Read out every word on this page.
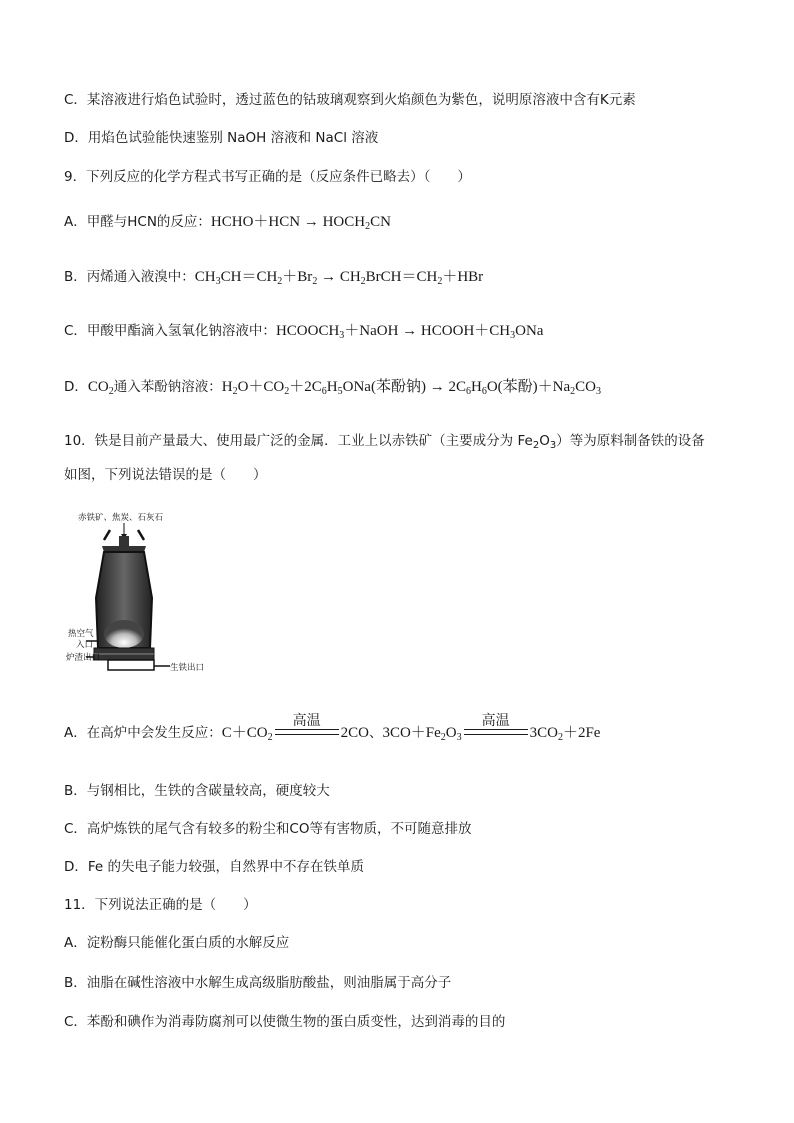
C．某溶液进行焰色试验时，透过蓝色的钴玻璃观察到火焰颜色为紫色，说明原溶液中含有K元素
D．用焰色试验能快速鉴别 NaOH 溶液和 NaCl 溶液
9．下列反应的化学方程式书写正确的是（反应条件已略去）（　　）
A．甲醛与HCN的反应：HCHO＋HCN → $HOCH_2CN$
B．丙烯通入液溴中：$CH_3CH=CH_2+Br_2$ → $CH_2BrCH=CH_2+HBr$
C．甲酸甲酯滴入氢氧化钠溶液中：$HCOOCH_3+NaOH$ → $HCOOH+CH_3ONa$
D．$CO_2$通入苯酚钠溶液：$H_2O+CO_2+2C_6H_5ONa$(苯酚钠) → $2C_6H_6O$(苯酚)$+Na_2CO_3$
10．铁是目前产量最大、使用最广泛的金属．工业上以赤铁矿（主要成分为 $Fe_2O_3$）等为原料制备铁的设备
如图，下列说法错误的是（　　）
赤铁矿、焦炭、石灰石
热空气
入口
炉渣出口
生铁出口
A．在高炉中会发生反应：$C+CO_2$
高温
2CO、$3CO+Fe_2O_3$
高温
$3CO_2+2Fe$
B．与钢相比，生铁的含碳量较高，硬度较大
C．高炉炼铁的尾气含有较多的粉尘和CO等有害物质，不可随意排放
D．Fe 的失电子能力较强，自然界中不存在铁单质
11．下列说法正确的是（　　）
A．淀粉酶只能催化蛋白质的水解反应
B．油脂在碱性溶液中水解生成高级脂肪酸盐，则油脂属于高分子
C．苯酚和碘作为消毒防腐剂可以使微生物的蛋白质变性，达到消毒的目的
